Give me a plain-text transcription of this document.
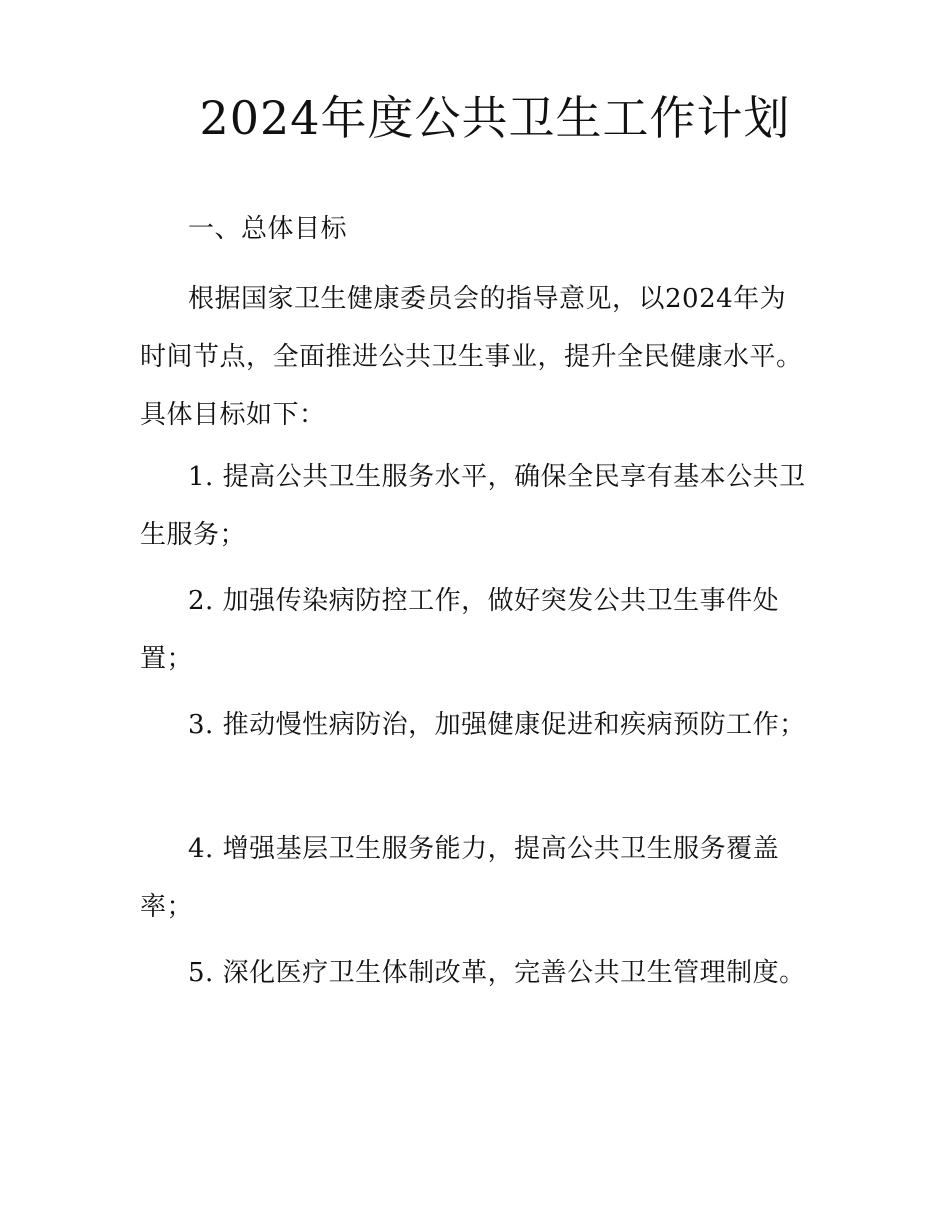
2024年度公共卫生工作计划
一、总体目标
根据国家卫生健康委员会的指导意见，以2024年为时间节点，全面推进公共卫生事业，提升全民健康水平。具体目标如下：
1. 提高公共卫生服务水平，确保全民享有基本公共卫生服务；
2. 加强传染病防控工作，做好突发公共卫生事件处置；
3. 推动慢性病防治，加强健康促进和疾病预防工作；
4. 增强基层卫生服务能力，提高公共卫生服务覆盖率；
5. 深化医疗卫生体制改革，完善公共卫生管理制度。
